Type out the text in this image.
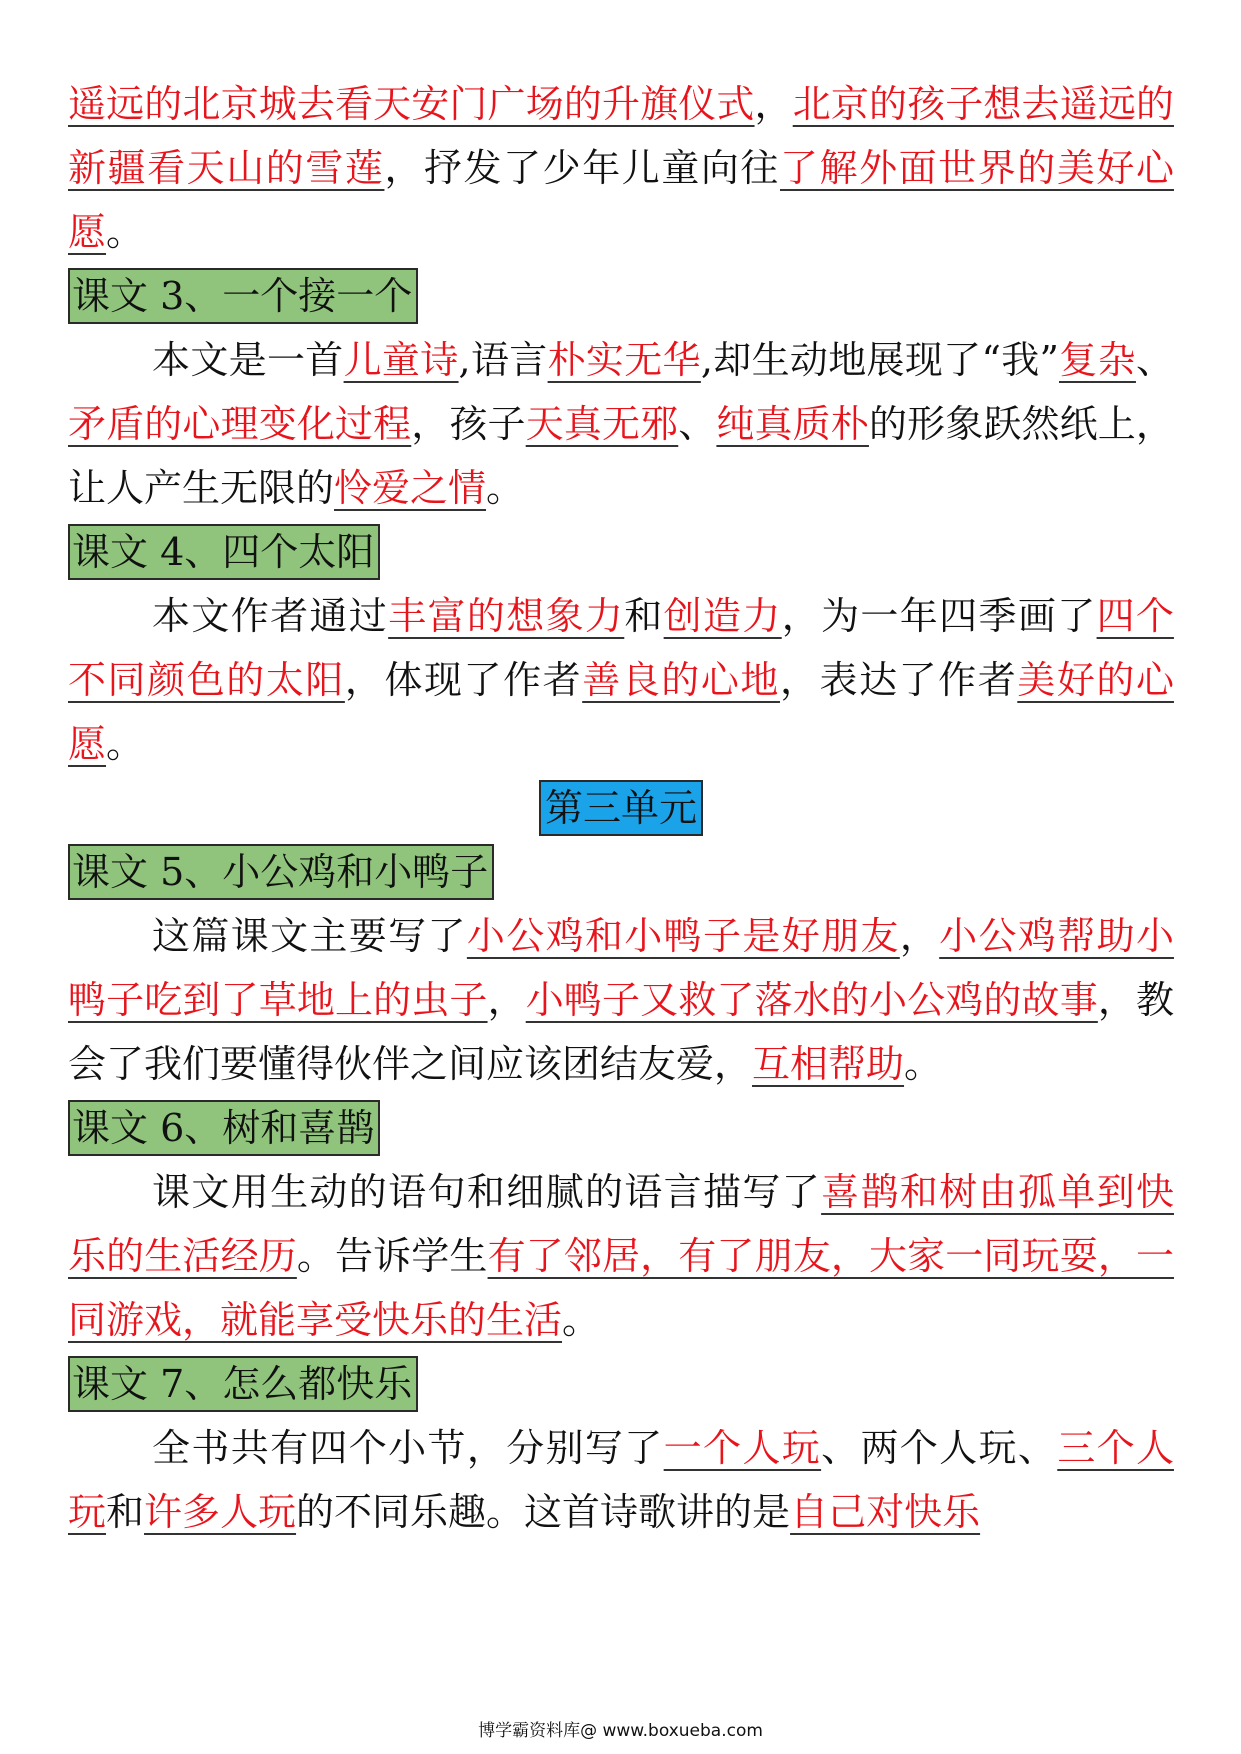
遥远的北京城去看天安门广场的升旗仪式，北京的孩子想去遥远的新疆看天山的雪莲，抒发了少年儿童向往了解外面世界的美好心愿。

课文 3、一个接一个

本文是一首儿童诗,语言朴实无华,却生动地展现了“我”复杂、矛盾的心理变化过程，孩子天真无邪、纯真质朴的形象跃然纸上，让人产生无限的怜爱之情。

课文 4、四个太阳

本文作者通过丰富的想象力和创造力，为一年四季画了四个不同颜色的太阳，体现了作者善良的心地，表达了作者美好的心愿。

第三单元
课文 5、小公鸡和小鸭子

这篇课文主要写了小公鸡和小鸭子是好朋友，小公鸡帮助小鸭子吃到了草地上的虫子，小鸭子又救了落水的小公鸡的故事，教会了我们要懂得伙伴之间应该团结友爱，互相帮助。

课文 6、树和喜鹊

课文用生动的语句和细腻的语言描写了喜鹊和树由孤单到快乐的生活经历。告诉学生有了邻居，有了朋友，大家一同玩耍，一同游戏，就能享受快乐的生活。

课文 7、怎么都快乐

全书共有四个小节，分别写了一个人玩、两个人玩、三个人玩和许多人玩的不同乐趣。这首诗歌讲的是自己对快乐

博学霸资料库@ www.boxueba.com
